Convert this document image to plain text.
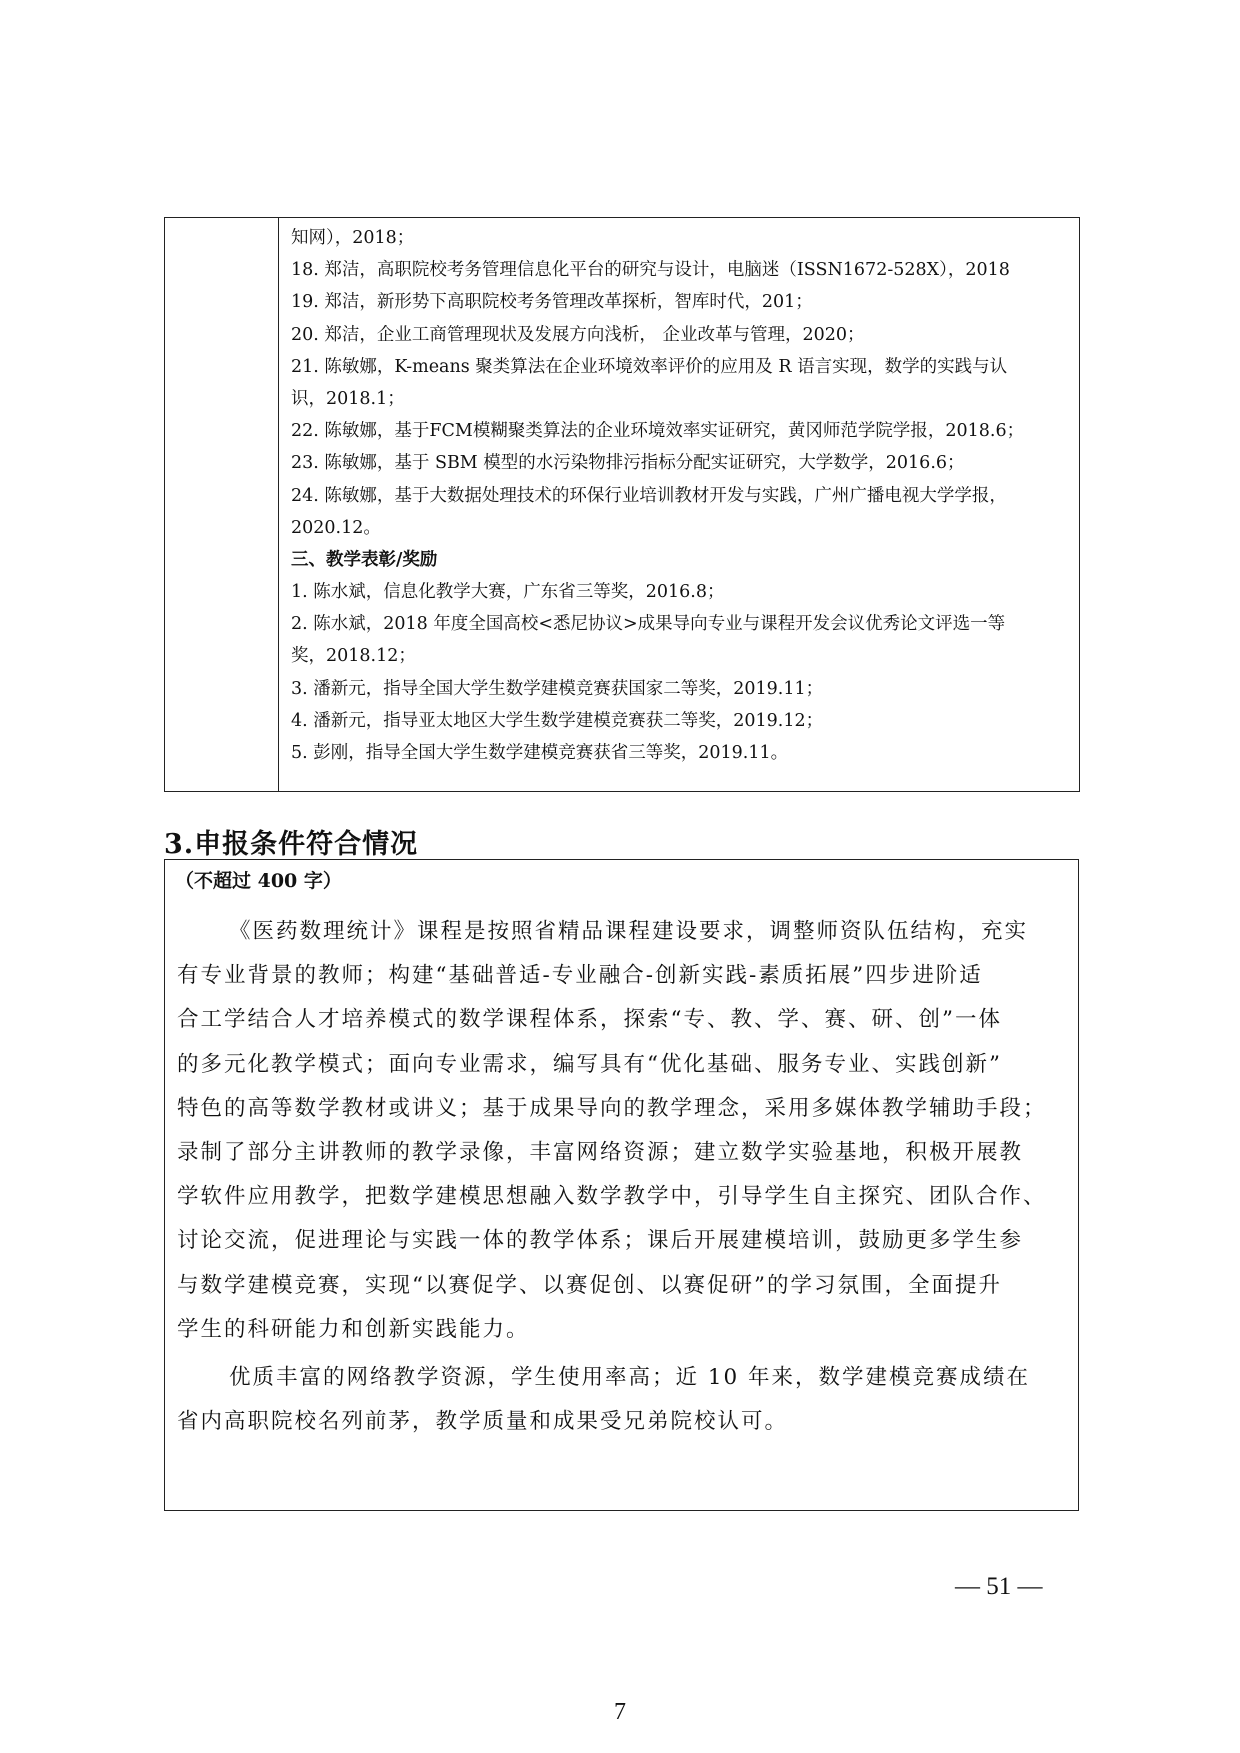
知网），2018；
18. 郑洁，高职院校考务管理信息化平台的研究与设计，电脑迷（ISSN1672-528X），2018
19. 郑洁，新形势下高职院校考务管理改革探析，智库时代，201；
20. 郑洁，企业工商管理现状及发展方向浅析， 企业改革与管理，2020；
21. 陈敏娜，K-means 聚类算法在企业环境效率评价的应用及 R 语言实现，数学的实践与认
识，2018.1；
22. 陈敏娜，基于FCM模糊聚类算法的企业环境效率实证研究，黄冈师范学院学报，2018.6；
23. 陈敏娜，基于 SBM 模型的水污染物排污指标分配实证研究，大学数学，2016.6；
24. 陈敏娜，基于大数据处理技术的环保行业培训教材开发与实践，广州广播电视大学学报，
2020.12。
三、教学表彰/奖励
1. 陈水斌，信息化教学大赛，广东省三等奖，2016.8；
2. 陈水斌，2018 年度全国高校<悉尼协议>成果导向专业与课程开发会议优秀论文评选一等
奖，2018.12；
3. 潘新元，指导全国大学生数学建模竞赛获国家二等奖，2019.11；
4. 潘新元，指导亚太地区大学生数学建模竞赛获二等奖，2019.12；
5. 彭刚，指导全国大学生数学建模竞赛获省三等奖，2019.11。
3.申报条件符合情况
（不超过 400 字）
《医药数理统计》课程是按照省精品课程建设要求，调整师资队伍结构，充实
有专业背景的教师；构建“基础普适-专业融合-创新实践-素质拓展”四步进阶适
合工学结合人才培养模式的数学课程体系，探索“专、教、学、赛、研、创”一体
的多元化教学模式；面向专业需求，编写具有“优化基础、服务专业、实践创新”
特色的高等数学教材或讲义；基于成果导向的教学理念，采用多媒体教学辅助手段；
录制了部分主讲教师的教学录像，丰富网络资源；建立数学实验基地，积极开展教
学软件应用教学，把数学建模思想融入数学教学中，引导学生自主探究、团队合作、
讨论交流，促进理论与实践一体的教学体系；课后开展建模培训，鼓励更多学生参
与数学建模竞赛，实现“以赛促学、以赛促创、以赛促研”的学习氛围，全面提升
学生的科研能力和创新实践能力。
优质丰富的网络教学资源，学生使用率高；近 10 年来，数学建模竞赛成绩在
省内高职院校名列前茅，教学质量和成果受兄弟院校认可。
— 51 —
7
